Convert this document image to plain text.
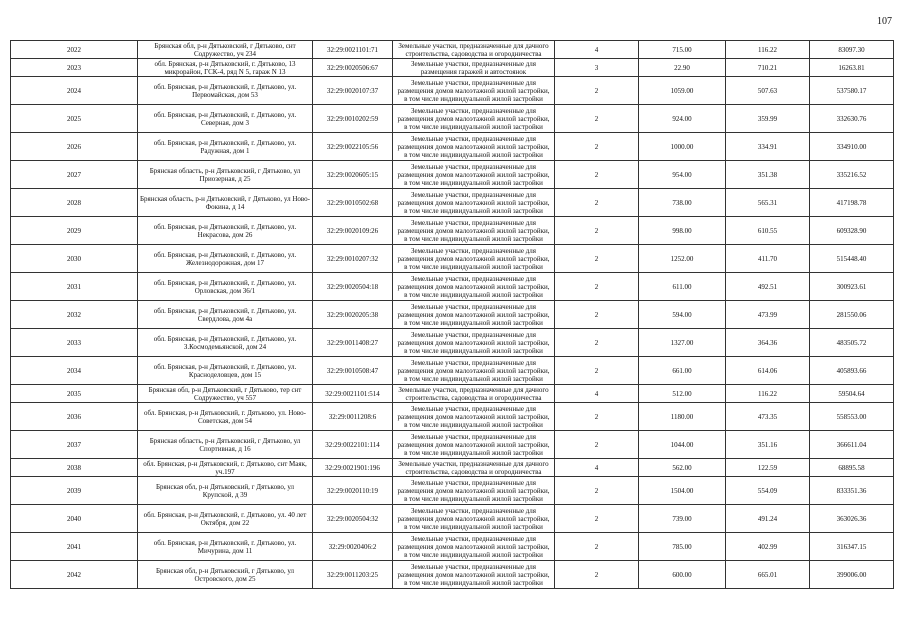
107
2022	Брянская обл, р-н Дятьковский, г Дятьково, снт Содружество, уч 234	32:29:0021101:71	Земельные участки, предназначенные для дачного строительства, садоводства и огородничества	4	715.00	116.22	83097.30
2023	обл. Брянская, р-н Дятьковский, г. Дятьково, 13 микрорайон, ГСК-4, ряд N 5, гараж N 13	32:29:0020506:67	Земельные участки, предназначенные для размещения гаражей и автостоянок	3	22.90	710.21	16263.81
2024	обл. Брянская, р-н Дятьковский, г. Дятьково, ул. Первомайская, дом 53	32:29:0020107:37	Земельные участки, предназначенные для размещения домов малоэтажной жилой застройки, в том числе индивидуальной жилой застройки	2	1059.00	507.63	537580.17
2025	обл. Брянская, р-н Дятьковский, г. Дятьково, ул. Северная, дом 3	32:29:0010202:59	Земельные участки, предназначенные для размещения домов малоэтажной жилой застройки, в том числе индивидуальной жилой застройки	2	924.00	359.99	332630.76
2026	обл. Брянская, р-н Дятьковский, г. Дятьково, ул. Радужная, дом 1	32:29:0022105:56	Земельные участки, предназначенные для размещения домов малоэтажной жилой застройки, в том числе индивидуальной жилой застройки	2	1000.00	334.91	334910.00
2027	Брянская область, р-н Дятьковский, г Дятьково, ул Приозерная, д 25	32:29:0020605:15	Земельные участки, предназначенные для размещения домов малоэтажной жилой застройки, в том числе индивидуальной жилой застройки	2	954.00	351.38	335216.52
2028	Брянская область, р-н Дятьковский, г Дятьково, ул Ново-Фокина, д 14	32:29:0010502:68	Земельные участки, предназначенные для размещения домов малоэтажной жилой застройки, в том числе индивидуальной жилой застройки	2	738.00	565.31	417198.78
2029	обл. Брянская, р-н Дятьковский, г. Дятьково, ул. Некрасова, дом 26	32:29:0020109:26	Земельные участки, предназначенные для размещения домов малоэтажной жилой застройки, в том числе индивидуальной жилой застройки	2	998.00	610.55	609328.90
2030	обл. Брянская, р-н Дятьковский, г. Дятьково, ул. Железнодорожная, дом 17	32:29:0010207:32	Земельные участки, предназначенные для размещения домов малоэтажной жилой застройки, в том числе индивидуальной жилой застройки	2	1252.00	411.70	515448.40
2031	обл. Брянская, р-н Дятьковский, г. Дятьково, ул. Орловская, дом 36/1	32:29:0020504:18	Земельные участки, предназначенные для размещения домов малоэтажной жилой застройки, в том числе индивидуальной жилой застройки	2	611.00	492.51	300923.61
2032	обл. Брянская, р-н Дятьковский, г. Дятьково, ул. Свердлова, дом 4а	32:29:0020205:38	Земельные участки, предназначенные для размещения домов малоэтажной жилой застройки, в том числе индивидуальной жилой застройки	2	594.00	473.99	281550.06
2033	обл. Брянская, р-н Дятьковский, г. Дятьково, ул. З.Космодемьянской, дом 24	32:29:0011408:27	Земельные участки, предназначенные для размещения домов малоэтажной жилой застройки, в том числе индивидуальной жилой застройки	2	1327.00	364.36	483505.72
2034	обл. Брянская, р-н Дятьковский, г. Дятьково, ул. Красноделовцев, дом 15	32:29:0010508:47	Земельные участки, предназначенные для размещения домов малоэтажной жилой застройки, в том числе индивидуальной жилой застройки	2	661.00	614.06	405893.66
2035	Брянская обл, р-н Дятьковский, г Дятьково, тер снт Содружество, уч 557	32:29:0021101:514	Земельные участки, предназначенные для дачного строительства, садоводства и огородничества	4	512.00	116.22	59504.64
2036	обл. Брянская, р-н Дятьковский, г. Дятьково, ул. Ново-Советская, дом 54	32:29:0011208:6	Земельные участки, предназначенные для размещения домов малоэтажной жилой застройки, в том числе индивидуальной жилой застройки	2	1180.00	473.35	558553.00
2037	Брянская область, р-н Дятьковский, г Дятьково, ул Спортивная, д 16	32:29:0022101:114	Земельные участки, предназначенные для размещения домов малоэтажной жилой застройки, в том числе индивидуальной жилой застройки	2	1044.00	351.16	366611.04
2038	обл. Брянская, р-н Дятьковский, г. Дятьково, снт Маяк, уч.197	32:29:0021901:196	Земельные участки, предназначенные для дачного строительства, садоводства и огородничества	4	562.00	122.59	68895.58
2039	Брянская обл, р-н Дятьковский, г Дятьково, ул Крупской, д 39	32:29:0020110:19	Земельные участки, предназначенные для размещения домов малоэтажной жилой застройки, в том числе индивидуальной жилой застройки	2	1504.00	554.09	833351.36
2040	обл. Брянская, р-н Дятьковский, г. Дятьково, ул. 40 лет Октября, дом 22	32:29:0020504:32	Земельные участки, предназначенные для размещения домов малоэтажной жилой застройки, в том числе индивидуальной жилой застройки	2	739.00	491.24	363026.36
2041	обл. Брянская, р-н Дятьковский, г. Дятьково, ул. Мичурина, дом 11	32:29:0020406:2	Земельные участки, предназначенные для размещения домов малоэтажной жилой застройки, в том числе индивидуальной жилой застройки	2	785.00	402.99	316347.15
2042	Брянская обл, р-н Дятьковский, г Дятьково, ул Островского, дом 25	32:29:0011203:25	Земельные участки, предназначенные для размещения домов малоэтажной жилой застройки, в том числе индивидуальной жилой застройки	2	600.00	665.01	399006.00
